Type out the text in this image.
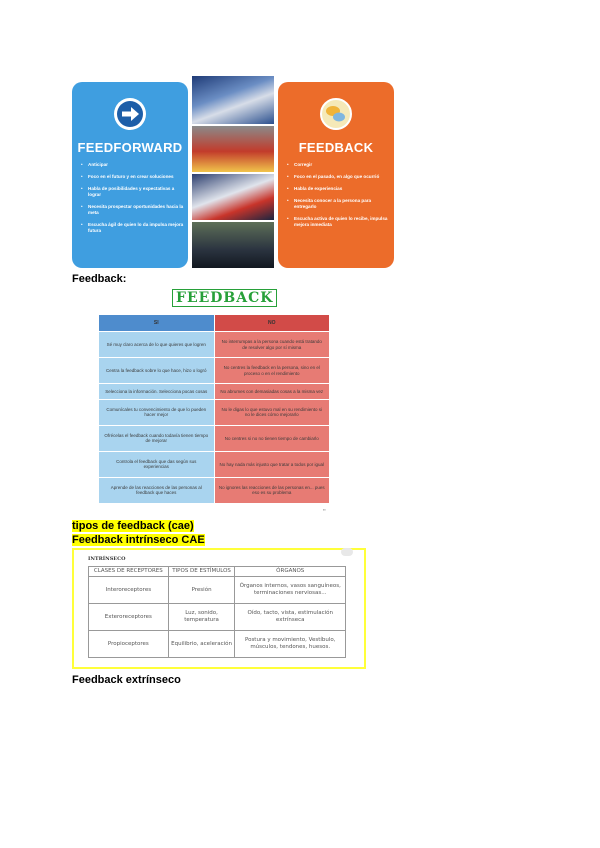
FEEDFORWARD
• Anticipar
• Foco en el futuro y en crear soluciones
• Habla de posibilidades y expectativas a lograr
• Necesita prospectar oportunidades hacia la meta
• Escucha ágil de quien lo da impulsa mejora futura
FEEDBACK
• Corregir
• Foco en el pasado, en algo que ocurrió
• Habla de experiencias
• Necesita conocer a la persona para entregarlo
• Escucha activa de quien lo recibe, impulsa mejora inmediata
Feedback:
FEEDBACK
SI	NO
Sé muy claro acerca de lo que quieres que logren	No interrumpas a la persona cuando está tratando de resolver algo por sí misma
Centra la feedback sobre lo que hace, hizo o logró	No centres la feedback en la persona, sino en el proceso o en el rendimiento
Selecciona la información. Selecciona pocas cosas	No abrumes con demasiadas cosas a la misma vez
Comunícales tu convencimiento de que lo pueden hacer mejor	No le digas lo que estuvo mal en su rendimiento si no le dices cómo mejorarlo
Ofrécelas el feedback cuando todavía tienen tiempo de mejorar	No centres si no no tienen tiempo de cambiarlo
Controla el feedback que das según sus experiencias	No hay nada más injusto que tratar a todos por igual
Aprende de las reacciones de las personas al feedback que haces	No ignores las reacciones de las personas en... pues eso es su problema
▪▪
tipos de feedback (cae)
Feedback intrínseco CAE
INTRÍNSECO
CLASES DE RECEPTORES	TIPOS DE ESTÍMULOS	ÓRGANOS
Interoreceptores	Presión	Órganos internos, vasos sanguíneos, terminaciones nerviosas...
Exteroreceptores	Luz, sonido, temperatura	Oído, tacto, vista, estimulación extrínseca
Propioceptores	Equilibrio, aceleración	Postura y movimiento, Vestíbulo, músculos, tendones, huesos.
Feedback extrínseco
